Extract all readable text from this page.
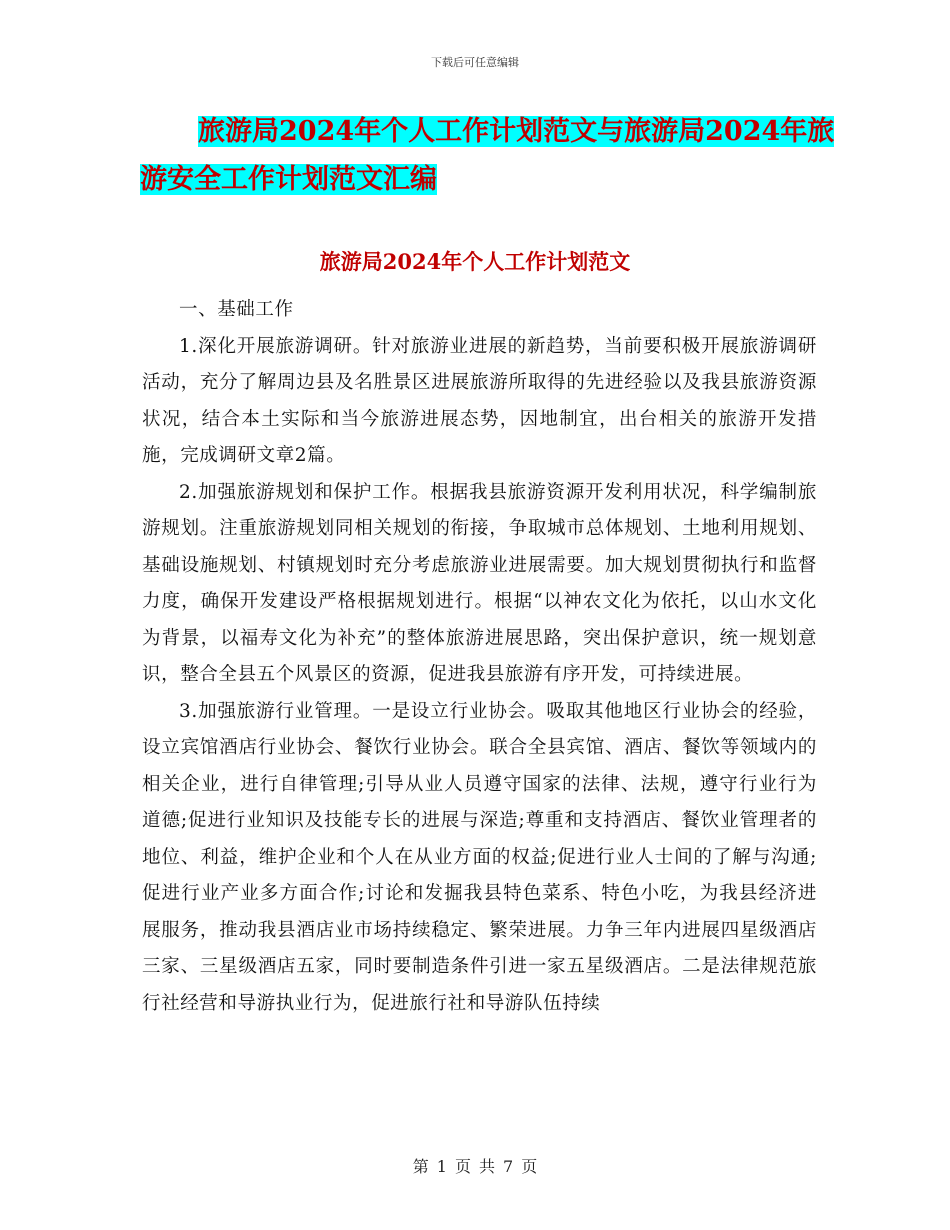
下载后可任意编辑
旅游局2024年个人工作计划范文与旅游局2024年旅
游安全工作计划范文汇编
旅游局2024年个人工作计划范文

一、基础工作

1.深化开展旅游调研。针对旅游业进展的新趋势，当前要积极开展旅游调研活动，充分了解周边县及名胜景区进展旅游所取得的先进经验以及我县旅游资源状况，结合本土实际和当今旅游进展态势，因地制宜，出台相关的旅游开发措施，完成调研文章2篇。

2.加强旅游规划和保护工作。根据我县旅游资源开发利用状况，科学编制旅游规划。注重旅游规划同相关规划的衔接，争取城市总体规划、土地利用规划、基础设施规划、村镇规划时充分考虑旅游业进展需要。加大规划贯彻执行和监督力度，确保开发建设严格根据规划进行。根据“以神农文化为依托，以山水文化为背景，以福寿文化为补充”的整体旅游进展思路，突出保护意识，统一规划意识，整合全县五个风景区的资源，促进我县旅游有序开发，可持续进展。

3.加强旅游行业管理。一是设立行业协会。吸取其他地区行业协会的经验，设立宾馆酒店行业协会、餐饮行业协会。联合全县宾馆、酒店、餐饮等领域内的相关企业，进行自律管理;引导从业人员遵守国家的法律、法规，遵守行业行为道德;促进行业知识及技能专长的进展与深造;尊重和支持酒店、餐饮业管理者的地位、利益，维护企业和个人在从业方面的权益;促进行业人士间的了解与沟通;促进行业产业多方面合作;讨论和发掘我县特色菜系、特色小吃，为我县经济进展服务，推动我县酒店业市场持续稳定、繁荣进展。力争三年内进展四星级酒店三家、三星级酒店五家，同时要制造条件引进一家五星级酒店。二是法律规范旅行社经营和导游执业行为，促进旅行社和导游队伍持续

第 1 页 共 7 页
